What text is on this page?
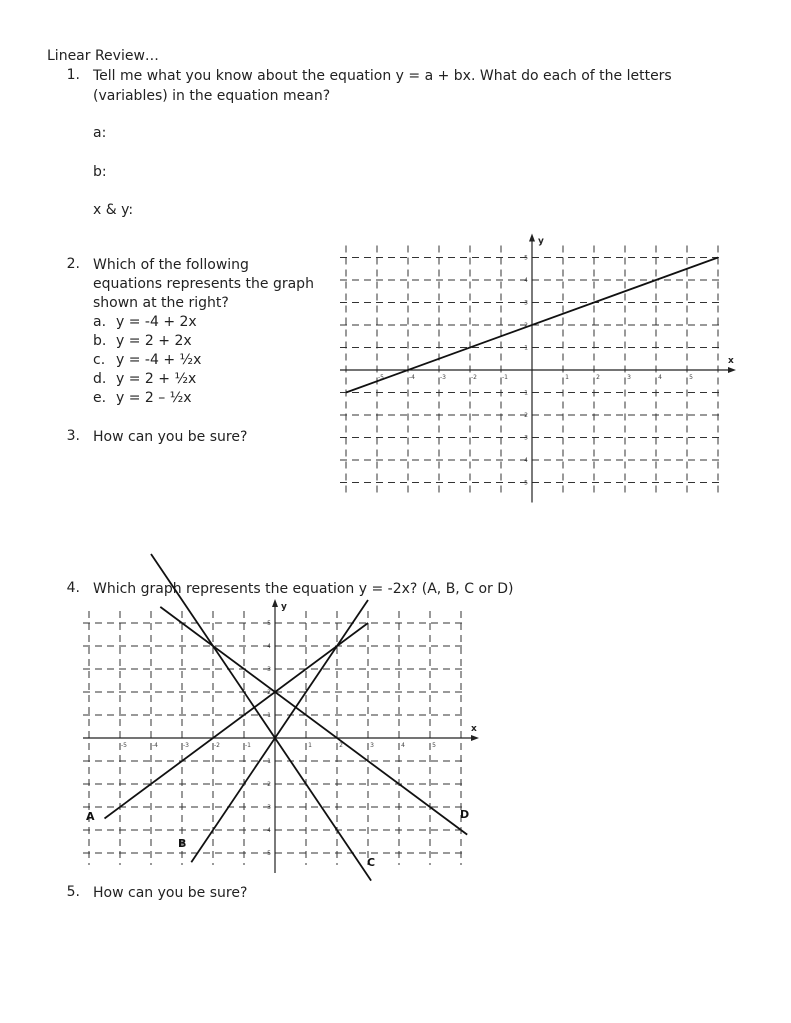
Linear Review…
1. Tell me what you know about the equation y = a + bx. What do each of the letters
(variables) in the equation mean?
a:
b:
x & y:
2. Which of the following
equations represents the graph
shown at the right?
a. y = -4 + 2x
b. y = 2 + 2x
c. y = -4 + ½x
d. y = 2 + ½x
e. y = 2 – ½x
3. How can you be sure?
x
y
-5	-4	-3	-2	-1	1	2	3	4	5
5
4
3
2
1
-1
-2
-3
-4
-5
4. Which graph represents the equation y = -2x? (A, B, C or D)
x
y
-5	-4	-3	-2	-1	1	2	3	4	5
5
4
3
2
1
-1
-2
-3
-4
-5
A
B
C
D
5. How can you be sure?
